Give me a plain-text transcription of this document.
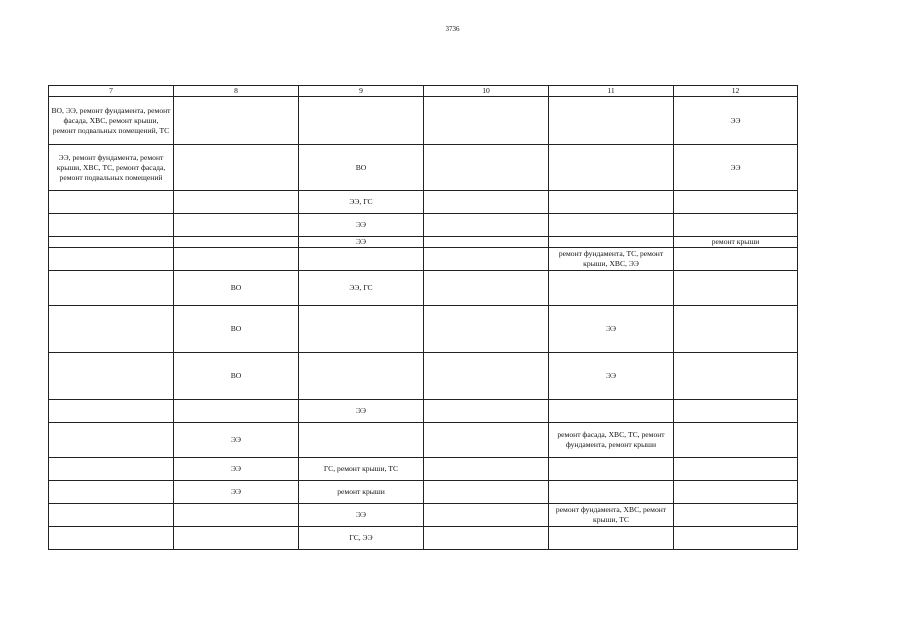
3736
7	8	9	10	11	12
ВО, ЭЭ, ремонт фундамента, ремонт фасада, ХВС, ремонт крыши, ремонт подвальных помещений, ТС					ЭЭ
ЭЭ, ремонт фундамента, ремонт крыши, ХВС, ТС, ремонт фасада, ремонт подвальных помещений		ВО			ЭЭ
		ЭЭ, ГС			
		ЭЭ			
		ЭЭ			ремонт крыши
				ремонт фундамента, ТС, ремонт крыши, ХВС, ЭЭ	
	ВО	ЭЭ, ГС			
	ВО			ЭЭ	
	ВО			ЭЭ	
		ЭЭ			
	ЭЭ			ремонт фасада, ХВС, ТС, ремонт фундамента, ремонт крыши	
	ЭЭ	ГС, ремонт крыши, ТС			
	ЭЭ	ремонт крыши			
		ЭЭ		ремонт фундамента, ХВС, ремонт крыши, ТС	
		ГС, ЭЭ			
